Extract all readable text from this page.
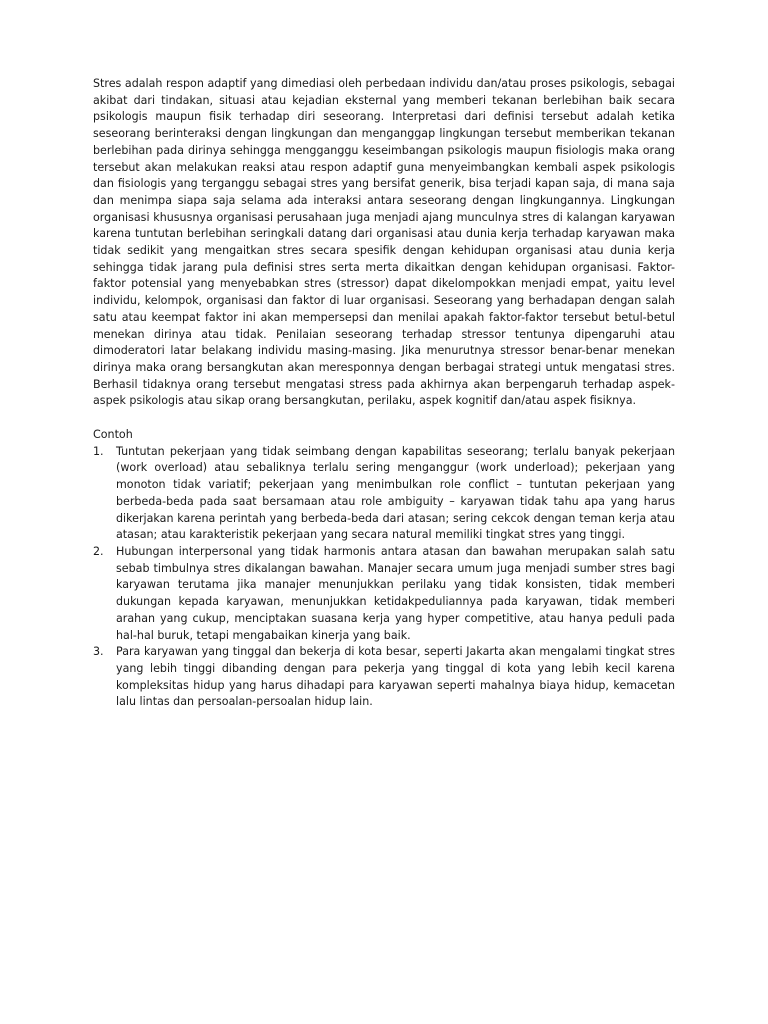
Stres adalah respon adaptif yang dimediasi oleh perbedaan individu dan/atau proses psikologis, sebagai akibat dari tindakan, situasi atau kejadian eksternal yang memberi tekanan berlebihan baik secara psikologis maupun fisik terhadap diri seseorang. Interpretasi dari definisi tersebut adalah ketika seseorang berinteraksi dengan lingkungan dan menganggap lingkungan tersebut memberikan tekanan berlebihan pada dirinya sehingga mengganggu keseimbangan psikologis maupun fisiologis maka orang tersebut akan melakukan reaksi atau respon adaptif guna menyeimbangkan kembali aspek psikologis dan fisiologis yang terganggu sebagai stres yang bersifat generik, bisa terjadi kapan saja, di mana saja dan menimpa siapa saja selama ada interaksi antara seseorang dengan lingkungannya. Lingkungan organisasi khususnya organisasi perusahaan juga menjadi ajang munculnya stres di kalangan karyawan karena tuntutan berlebihan seringkali datang dari organisasi atau dunia kerja terhadap karyawan maka tidak sedikit yang mengaitkan stres secara spesifik dengan kehidupan organisasi atau dunia kerja sehingga tidak jarang pula definisi stres serta merta dikaitkan dengan kehidupan organisasi. Faktor-faktor potensial yang menyebabkan stres (stressor) dapat dikelompokkan menjadi empat, yaitu level individu, kelompok, organisasi dan faktor di luar organisasi. Seseorang yang berhadapan dengan salah satu atau keempat faktor ini akan mempersepsi dan menilai apakah faktor-faktor tersebut betul-betul menekan dirinya atau tidak. Penilaian seseorang terhadap stressor tentunya dipengaruhi atau dimoderatori latar belakang individu masing-masing. Jika menurutnya stressor benar-benar menekan dirinya maka orang bersangkutan akan meresponnya dengan berbagai strategi untuk mengatasi stres. Berhasil tidaknya orang tersebut mengatasi stress pada akhirnya akan berpengaruh terhadap aspek-aspek psikologis atau sikap orang bersangkutan, perilaku, aspek kognitif dan/atau aspek fisiknya.

Contoh

1. Tuntutan pekerjaan yang tidak seimbang dengan kapabilitas seseorang; terlalu banyak pekerjaan (work overload) atau sebaliknya terlalu sering menganggur (work underload); pekerjaan yang monoton tidak variatif; pekerjaan yang menimbulkan role conflict – tuntutan pekerjaan yang berbeda-beda pada saat bersamaan atau role ambiguity – karyawan tidak tahu apa yang harus dikerjakan karena perintah yang berbeda-beda dari atasan; sering cekcok dengan teman kerja atau atasan; atau karakteristik pekerjaan yang secara natural memiliki tingkat stres yang tinggi.
2. Hubungan interpersonal yang tidak harmonis antara atasan dan bawahan merupakan salah satu sebab timbulnya stres dikalangan bawahan. Manajer secara umum juga menjadi sumber stres bagi karyawan terutama jika manajer menunjukkan perilaku yang tidak konsisten, tidak memberi dukungan kepada karyawan, menunjukkan ketidakpeduliannya pada karyawan, tidak memberi arahan yang cukup, menciptakan suasana kerja yang hyper competitive, atau hanya peduli pada hal-hal buruk, tetapi mengabaikan kinerja yang baik.
3. Para karyawan yang tinggal dan bekerja di kota besar, seperti Jakarta akan mengalami tingkat stres yang lebih tinggi dibanding dengan para pekerja yang tinggal di kota yang lebih kecil karena kompleksitas hidup yang harus dihadapi para karyawan seperti mahalnya biaya hidup, kemacetan lalu lintas dan persoalan-persoalan hidup lain.
